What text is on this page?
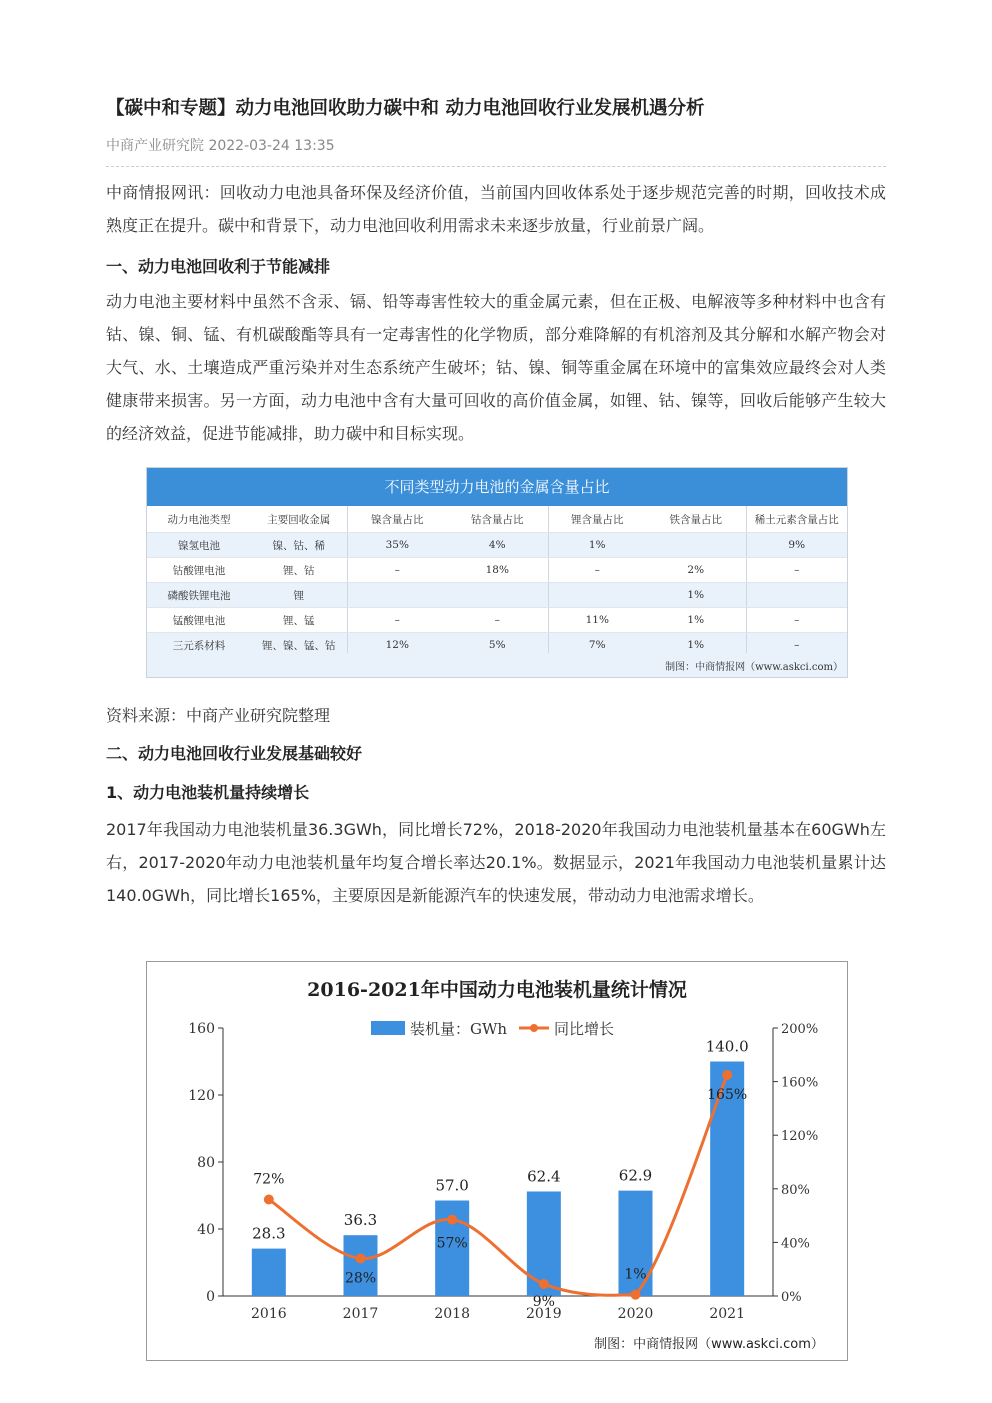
【碳中和专题】动力电池回收助力碳中和 动力电池回收行业发展机遇分析
中商产业研究院 2022-03-24 13:35
中商情报网讯：回收动力电池具备环保及经济价值，当前国内回收体系处于逐步规范完善的时期，回收技术成熟度正在提升。碳中和背景下，动力电池回收利用需求未来逐步放量，行业前景广阔。
一、动力电池回收利于节能减排
动力电池主要材料中虽然不含汞、镉、铅等毒害性较大的重金属元素，但在正极、电解液等多种材料中也含有钴、镍、铜、锰、有机碳酸酯等具有一定毒害性的化学物质，部分难降解的有机溶剂及其分解和水解产物会对大气、水、土壤造成严重污染并对生态系统产生破坏；钴、镍、铜等重金属在环境中的富集效应最终会对人类健康带来损害。另一方面，动力电池中含有大量可回收的高价值金属，如锂、钴、镍等，回收后能够产生较大的经济效益，促进节能减排，助力碳中和目标实现。
资料来源：中商产业研究院整理
二、动力电池回收行业发展基础较好
1、动力电池装机量持续增长
2017年我国动力电池装机量36.3GWh，同比增长72%，2018-2020年我国动力电池装机量基本在60GWh左右，2017-2020年动力电池装机量年均复合增长率达20.1%。数据显示，2021年我国动力电池装机量累计达140.0GWh，同比增长165%，主要原因是新能源汽车的快速发展，带动动力电池需求增长。
不同类型动力电池的金属含量占比
动力电池类型	主要回收金属	镍含量占比	钴含量占比	锂含量占比	铁含量占比	稀土元素含量占比
镍氢电池	镍、钴、稀	35%	4%	1%		9%
钴酸锂电池	锂、钴	–	18%	–	2%	–
磷酸铁锂电池	锂				1%	
锰酸锂电池	锂、锰	–	–	11%	1%	–
三元系材料	锂、镍、锰、钴	12%	5%	7%	1%	–
制图：中商情报网（www.askci.com）
2016-2021年中国动力电池装机量统计情况
装机量：GWh	同比增长
0
40
80
120
160
0%
40%
80%
120%
160%
200%
2016	2017	2018	2019	2020	2021
28.3
36.3
57.0
62.4	62.9
140.0
72%
28%
57%
9%
1%
165%
制图：中商情报网（www.askci.com）
